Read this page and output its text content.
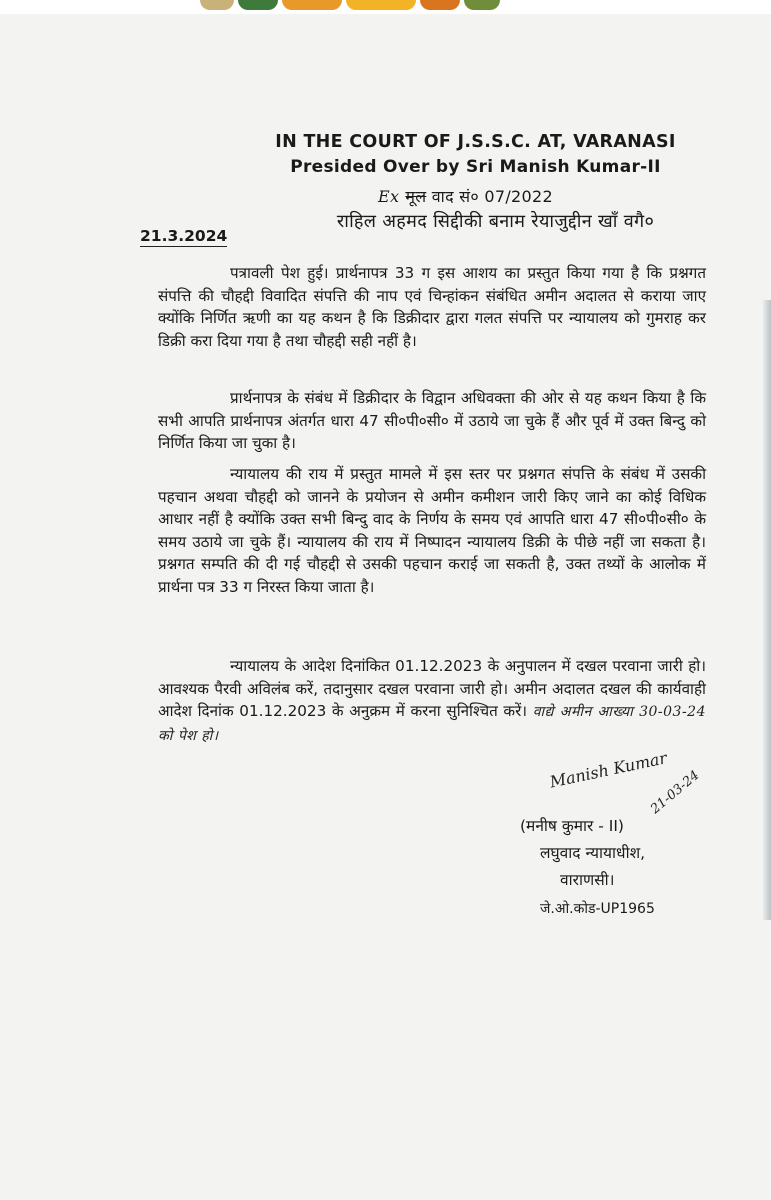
IN THE COURT OF J.S.S.C. AT, VARANASI
Presided Over by Sri Manish Kumar-II
Ex मूल वाद सं० 07/2022
राहिल अहमद सिद्दीकी बनाम रेयाजुद्दीन खाँ वगै०
21.3.2024

पत्रावली पेश हुई। प्रार्थनापत्र 33 ग इस आशय का प्रस्तुत किया गया है कि प्रश्नगत संपत्ति की चौहद्दी विवादित संपत्ति की नाप एवं चिन्हांकन संबंधित अमीन अदालत से कराया जाए क्योंकि निर्णित ऋणी का यह कथन है कि डिक्रीदार द्वारा गलत संपत्ति पर न्यायालय को गुमराह कर डिक्री करा दिया गया है तथा चौहद्दी सही नहीं है।

प्रार्थनापत्र के संबंध में डिक्रीदार के विद्वान अधिवक्ता की ओर से यह कथन किया है कि सभी आपति प्रार्थनापत्र अंतर्गत धारा 47 सी०पी०सी० में उठाये जा चुके हैं और पूर्व में उक्त बिन्दु को निर्णित किया जा चुका है।

न्यायालय की राय में प्रस्तुत मामले में इस स्तर पर प्रश्नगत संपत्ति के संबंध में उसकी पहचान अथवा चौहद्दी को जानने के प्रयोजन से अमीन कमीशन जारी किए जाने का कोई विधिक आधार नहीं है क्योंकि उक्त सभी बिन्दु वाद के निर्णय के समय एवं आपति धारा 47 सी०पी०सी० के समय उठाये जा चुके हैं। न्यायालय की राय में निष्पादन न्यायालय डिक्री के पीछे नहीं जा सकता है। प्रश्नगत सम्पति की दी गई चौहद्दी से उसकी पहचान कराई जा सकती है, उक्त तथ्यों के आलोक में प्रार्थना पत्र 33 ग निरस्त किया जाता है।

न्यायालय के आदेश दिनांकित 01.12.2023 के अनुपालन में दखल परवाना जारी हो। आवश्यक पैरवी अविलंब करें, तदानुसार दखल परवाना जारी हो। अमीन अदालत दखल की कार्यवाही आदेश दिनांक 01.12.2023 के अनुक्रम में करना सुनिश्चित करें। वाद्ये अमीन आख्या 30-03-24 को पेश हो।

Manish Kumar
21-03-24
(मनीष कुमार - II)
लघुवाद न्यायाधीश,
वाराणसी।
जे.ओ.कोड-UP1965
